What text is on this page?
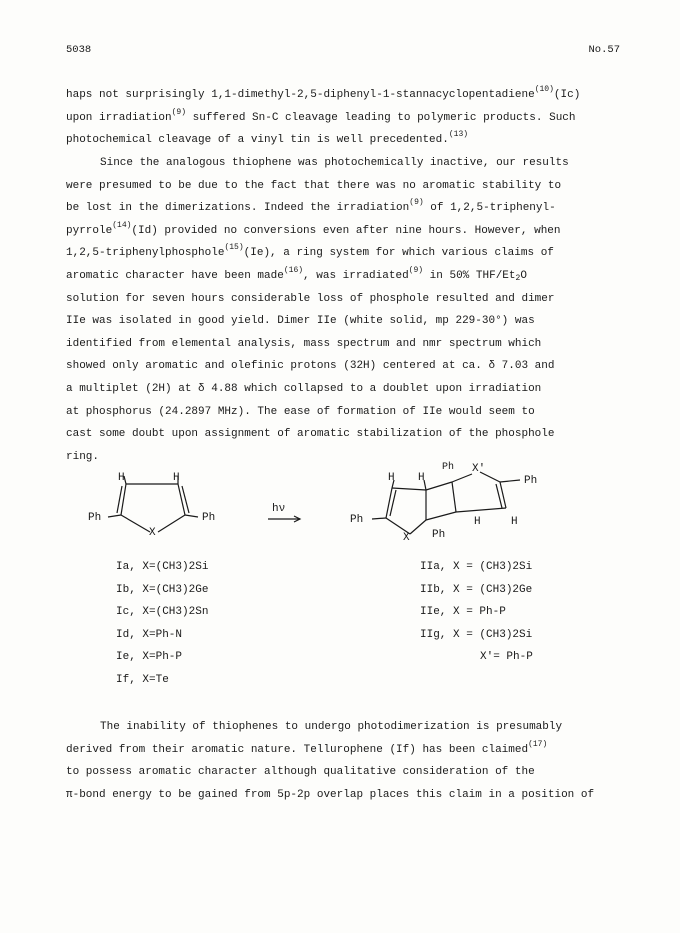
5038	No.57
haps not surprisingly 1,1-dimethyl-2,5-diphenyl-1-stannacyclopentadiene$^{(10)}$(Ic)
upon irradiation$^{(9)}$ suffered Sn-C cleavage leading to polymeric products. Such
photochemical cleavage of a vinyl tin is well precedented.$^{(13)}$
Since the analogous thiophene was photochemically inactive, our results
were presumed to be due to the fact that there was no aromatic stability to
be lost in the dimerizations. Indeed the irradiation$^{(9)}$ of 1,2,5-triphenyl-
pyrrole$^{(14)}$(Id) provided no conversions even after nine hours. However, when
1,2,5-triphenylphosphole$^{(15)}$(Ie), a ring system for which various claims of
aromatic character have been made$^{(16)}$, was irradiated$^{(9)}$ in 50% THF/$Et_2O$
solution for seven hours considerable loss of phosphole resulted and dimer
IIe was isolated in good yield. Dimer IIe (white solid, mp 229-30°) was
identified from elemental analysis, mass spectrum and nmr spectrum which
showed only aromatic and olefinic protons (32H) centered at ca. δ 7.03 and
a multiplet (2H) at δ 4.88 which collapsed to a doublet upon irradiation
at phosphorus (24.2897 MHz). The ease of formation of IIe would seem to
cast some doubt upon assignment of aromatic stabilization of the phosphole
ring.
H	H
Ph	Ph
X
hν
H H
Ph X'
Ph
Ph
X Ph
H	H
Ia, X=(CH3)2Si
Ib, X=(CH3)2Ge
Ic, X=(CH3)2Sn
Id, X=Ph-N
Ie, X=Ph-P
If, X=Te
IIa, X = (CH3)2Si
IIb, X = (CH3)2Ge
IIe, X = Ph-P
IIg, X = (CH3)2Si
X'= Ph-P
The inability of thiophenes to undergo photodimerization is presumably
derived from their aromatic nature. Tellurophene (If) has been claimed$^{(17)}$
to possess aromatic character although qualitative consideration of the
π-bond energy to be gained from 5p-2p overlap places this claim in a position of
